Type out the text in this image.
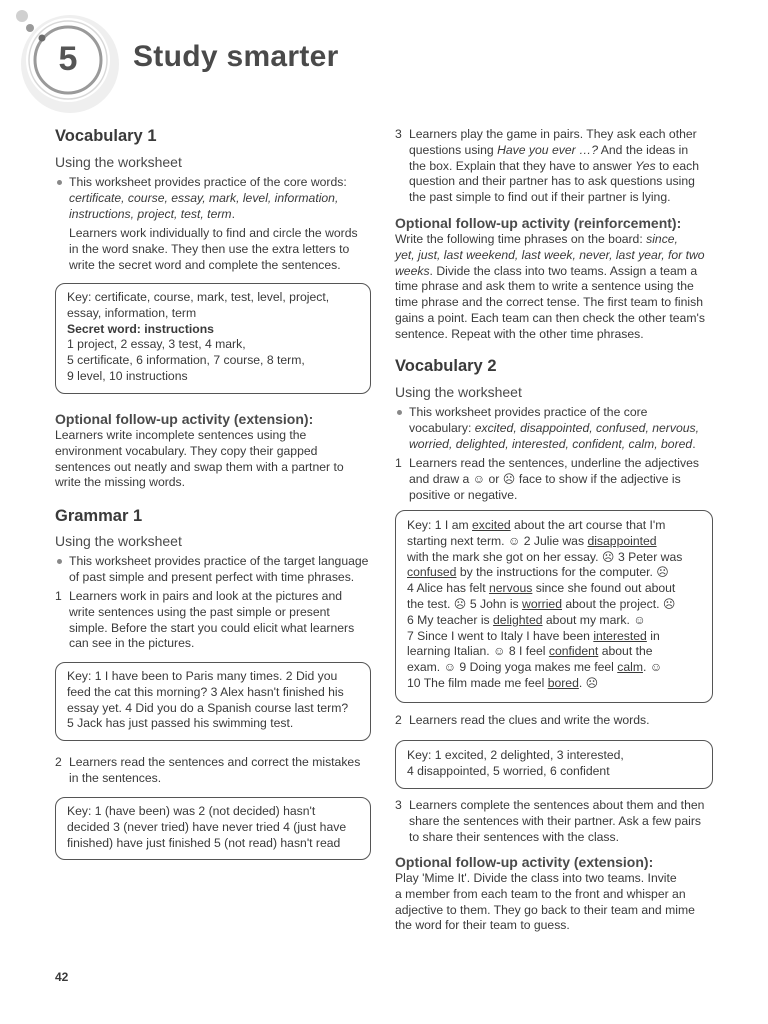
5	Study smarter
Vocabulary 1
Using the worksheet
This worksheet provides practice of the core words:
certificate, course, essay, mark, level, information,
instructions, project, test, term.
Learners work individually to find and circle the words
in the word snake. They then use the extra letters to
write the secret word and complete the sentences.
Key: certificate, course, mark, test, level, project,
essay, information, term
Secret word: instructions
1 project, 2 essay, 3 test, 4 mark,
5 certificate, 6 information, 7 course, 8 term,
9 level, 10 instructions
Optional follow-up activity (extension):
Learners write incomplete sentences using the
environment vocabulary. They copy their gapped
sentences out neatly and swap them with a partner to
write the missing words.
Grammar 1
Using the worksheet
This worksheet provides practice of the target language
of past simple and present perfect with time phrases.
1 Learners work in pairs and look at the pictures and
write sentences using the past simple or present
simple. Before the start you could elicit what learners
can see in the pictures.
Key: 1 I have been to Paris many times. 2 Did you
feed the cat this morning? 3 Alex hasn't finished his
essay yet. 4 Did you do a Spanish course last term?
5 Jack has just passed his swimming test.
2 Learners read the sentences and correct the mistakes
in the sentences.
Key: 1 (have been) was 2 (not decided) hasn't
decided 3 (never tried) have never tried 4 (just have
finished) have just finished 5 (not read) hasn't read
42
3 Learners play the game in pairs. They ask each other
questions using Have you ever …? And the ideas in
the box. Explain that they have to answer Yes to each
question and their partner has to ask questions using
the past simple to find out if their partner is lying.
Optional follow-up activity (reinforcement):
Write the following time phrases on the board: since,
yet, just, last weekend, last week, never, last year, for two
weeks. Divide the class into two teams. Assign a team a
time phrase and ask them to write a sentence using the
time phrase and the correct tense. The first team to finish
gains a point. Each team can then check the other team's
sentence. Repeat with the other time phrases.
Vocabulary 2
Using the worksheet
This worksheet provides practice of the core
vocabulary: excited, disappointed, confused, nervous,
worried, delighted, interested, confident, calm, bored.
1 Learners read the sentences, underline the adjectives
and draw a ☺ or ☹ face to show if the adjective is
positive or negative.
Key: 1 I am excited about the art course that I'm
starting next term. ☺ 2 Julie was disappointed
with the mark she got on her essay. ☹ 3 Peter was
confused by the instructions for the computer. ☹
4 Alice has felt nervous since she found out about
the test. ☹ 5 John is worried about the project. ☹
6 My teacher is delighted about my mark. ☺
7 Since I went to Italy I have been interested in
learning Italian. ☺ 8 I feel confident about the
exam. ☺ 9 Doing yoga makes me feel calm. ☺
10 The film made me feel bored. ☹
2 Learners read the clues and write the words.
Key: 1 excited, 2 delighted, 3 interested,
4 disappointed, 5 worried, 6 confident
3 Learners complete the sentences about them and then
share the sentences with their partner. Ask a few pairs
to share their sentences with the class.
Optional follow-up activity (extension):
Play 'Mime It'. Divide the class into two teams. Invite
a member from each team to the front and whisper an
adjective to them. They go back to their team and mime
the word for their team to guess.
